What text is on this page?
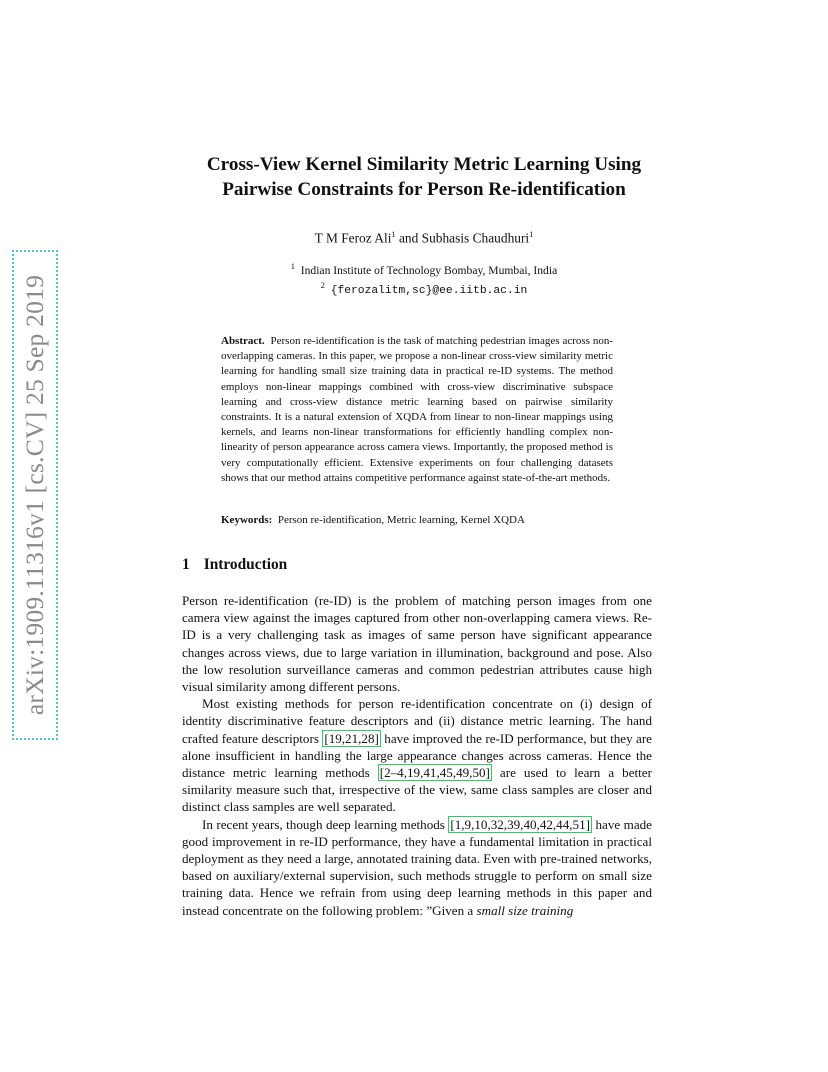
arXiv:1909.11316v1 [cs.CV] 25 Sep 2019
Cross-View Kernel Similarity Metric Learning Using
Pairwise Constraints for Person Re-identification
T M Feroz Ali$^1$ and Subhasis Chaudhuri$^1$
$^1$ Indian Institute of Technology Bombay, Mumbai, India
$^2$ {ferozalitm,sc}@ee.iitb.ac.in
Abstract. Person re-identification is the task of matching pedestrian images across non-overlapping cameras. In this paper, we propose a non-linear cross-view similarity metric learning for handling small size training data in practical re-ID systems. The method employs non-linear mappings combined with cross-view discriminative subspace learning and cross-view distance metric learning based on pairwise similarity constraints. It is a natural extension of XQDA from linear to non-linear mappings using kernels, and learns non-linear transformations for efficiently handling complex non-linearity of person appearance across camera views. Importantly, the proposed method is very computationally efficient. Extensive experiments on four challenging datasets shows that our method attains competitive performance against state-of-the-art methods.
Keywords: Person re-identification, Metric learning, Kernel XQDA
1 Introduction

Person re-identification (re-ID) is the problem of matching person images from one camera view against the images captured from other non-overlapping camera views. Re-ID is a very challenging task as images of same person have significant appearance changes across views, due to large variation in illumination, background and pose. Also the low resolution surveillance cameras and common pedestrian attributes cause high visual similarity among different persons.

Most existing methods for person re-identification concentrate on (i) design of identity discriminative feature descriptors and (ii) distance metric learning. The hand crafted feature descriptors [19,21,28] have improved the re-ID performance, but they are alone insufficient in handling the large appearance changes across cameras. Hence the distance metric learning methods [2–4,19,41,45,49,50] are used to learn a better similarity measure such that, irrespective of the view, same class samples are closer and distinct class samples are well separated.

In recent years, though deep learning methods [1,9,10,32,39,40,42,44,51] have made good improvement in re-ID performance, they have a fundamental limitation in practical deployment as they need a large, annotated training data. Even with pre-trained networks, based on auxiliary/external supervision, such methods struggle to perform on small size training data. Hence we refrain from using deep learning methods in this paper and instead concentrate on the following problem: ”Given a small size training
